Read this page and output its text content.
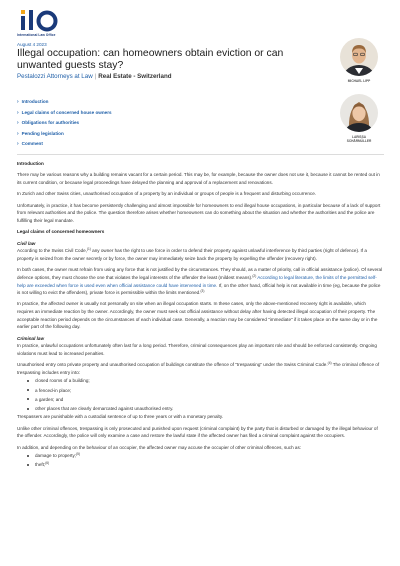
International Law Office
August 4 2023
Illegal occupation: can homeowners obtain eviction or can unwanted guests stay?
Pestalozzi Attorneys at Law | Real Estate - Switzerland
MICHAEL LIPP
LARISSA
SCHÄRMÜLLER
› Introduction
› Legal claims of concerned house owners
› Obligations for authorities
› Pending legislation
› Comment
Introduction
There may be various reasons why a building remains vacant for a certain period. This may be, for example, because the owner does not use it, because it cannot be rented out in its current condition, or because legal proceedings have delayed the planning and approval of a replacement and renovations.
In Zurich and other Swiss cities, unauthorised occupation of a property by an individual or groups of people is a frequent and disturbing occurrence.
Unfortunately, in practice, it has become persistently challenging and almost impossible for homeowners to end illegal house occupations, in particular because of a lack of support from relevant authorities and the police. The question therefore arises whether homeowners can do something about the situation and whether the authorities and the police are fulfilling their legal mandate.
Legal claims of concerned homeowners
Civil law
According to the Swiss Civil Code,$^{(1)}$ any owner has the right to use force in order to defend their property against unlawful interference by third parties (right of defence). If a property is seized from the owner secretly or by force, the owner may immediately seize back the property by expelling the offender (recovery right).
In both cases, the owner must refrain from using any force that is not justified by the circumstances. They should, as a matter of priority, call in official assistance (police). Of several defence options, they must choose the one that violates the legal interests of the offender the least (mildest means).$^{(2)}$ According to legal literature, the limits of the permitted self-help are exceeded when force is used even when official assistance could have intervened in time. If, on the other hand, official help is not available in time (eg, because the police is not willing to evict the offenders), private force is permissible within the limits mentioned.$^{(3)}$
In practice, the affected owner is usually not personally on site when an illegal occupation starts. In these cases, only the above-mentioned recovery right is available, which requires an immediate reaction by the owner. Accordingly, the owner must seek out official assistance without delay after having detected illegal occupation of their property. The acceptable reaction period depends on the circumstances of each individual case. Generally, a reaction may be considered "immediate" if it takes place on the same day or in the earlier part of the following day.
Criminal law
In practice, unlawful occupations unfortunately often last for a long period. Therefore, criminal consequences play an important role and should be enforced consistently. Ongoing violations must lead to increased penalties.
Unauthorised entry onto private property and unauthorised occupation of buildings constitute the offence of "trespassing" under the Swiss Criminal Code.$^{(4)}$ The criminal offence of trespassing includes entry into:
closed rooms of a building;
a fenced-in place;
a garden; and
other places that are clearly demarcated against unauthorised entry.
Trespassers are punishable with a custodial sentence of up to three years or with a monetary penalty.
Unlike other criminal offences, trespassing is only prosecuted and punished upon request (criminal complaint) by the party that is disturbed or damaged by the illegal behaviour of the offender. Accordingly, the police will only examine a case and restore the lawful state if the affected owner has filed a criminal complaint against the occupiers.
In addition, and depending on the behaviour of an occupier, the affected owner may accuse the occupier of other criminal offences, such as:
damage to property;$^{(5)}$
theft;$^{(6)}$
